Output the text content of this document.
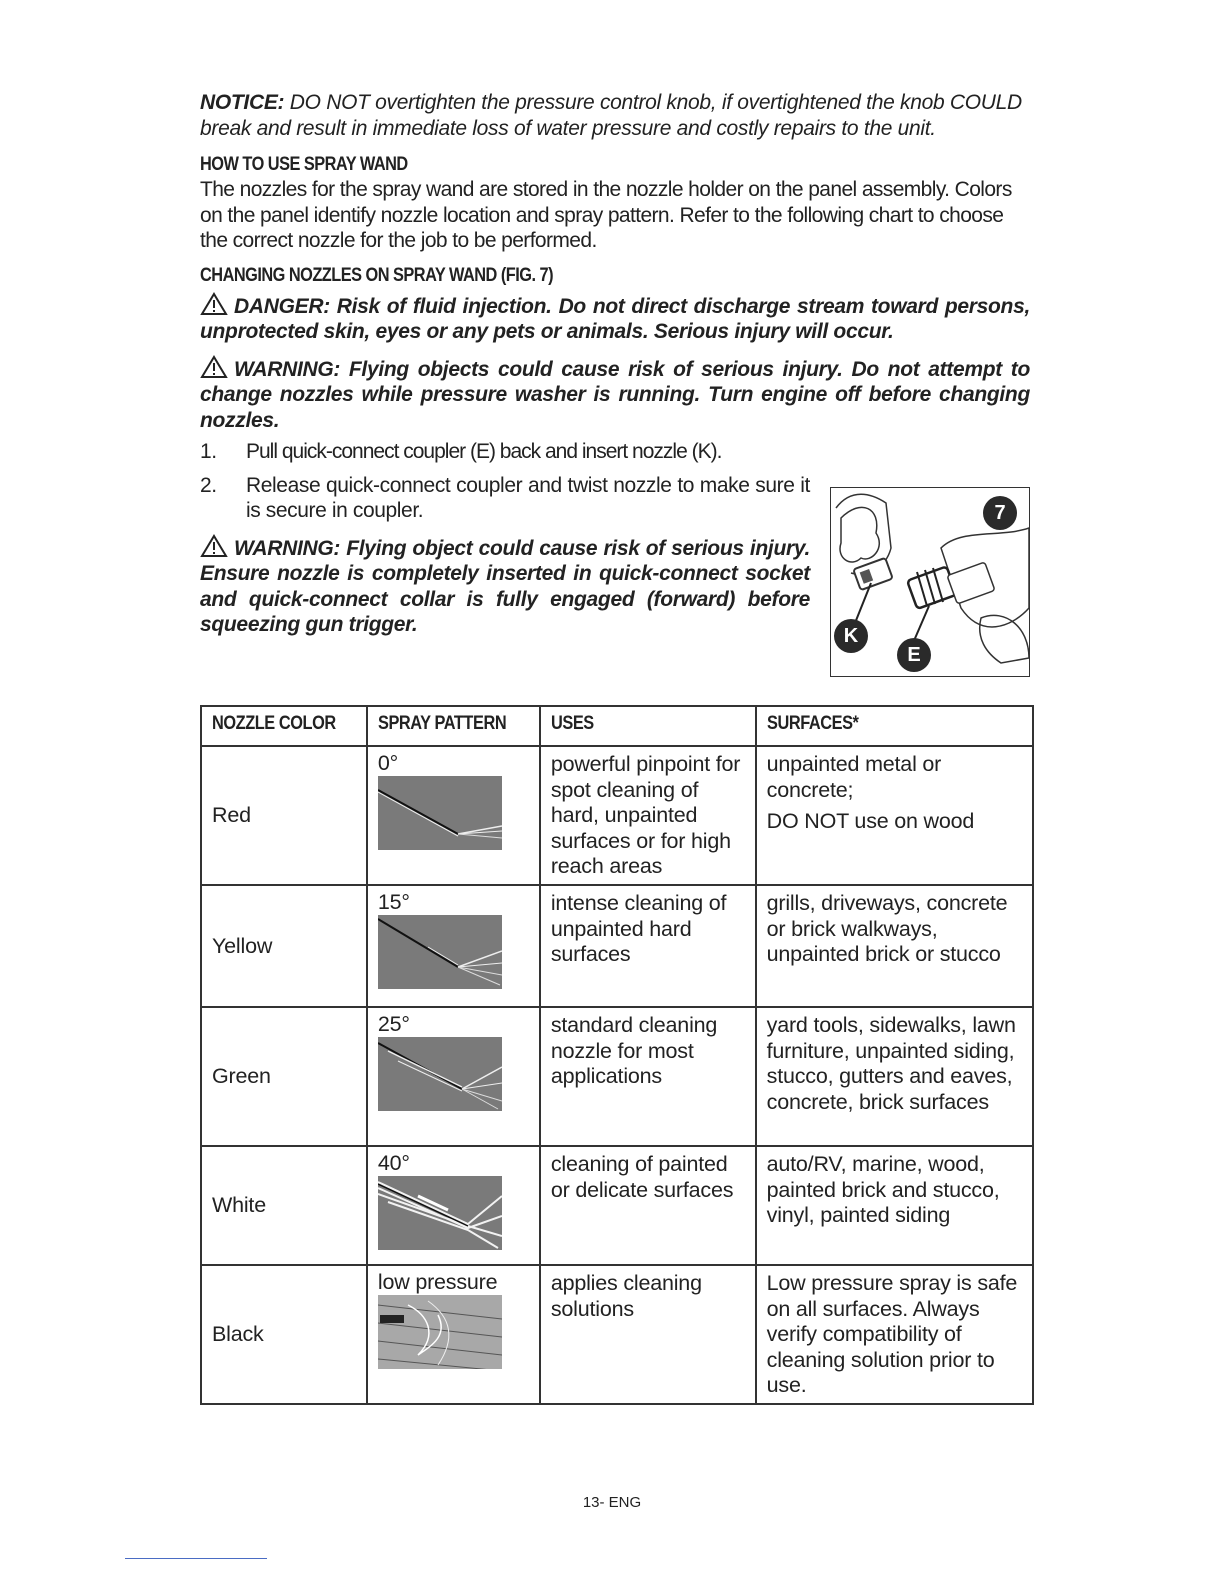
NOTICE: DO NOT overtighten the pressure control knob, if overtightened the knob COULD break and result in immediate loss of water pressure and costly repairs to the unit.

HOW TO USE SPRAY WAND

The nozzles for the spray wand are stored in the nozzle holder on the panel assembly. Colors on the panel identify nozzle location and spray pattern. Refer to the following chart to choose the correct nozzle for the job to be performed.

CHANGING NOZZLES ON SPRAY WAND (FIG. 7)

DANGER: Risk of fluid injection. Do not direct discharge stream toward persons, unprotected skin, eyes or any pets or animals. Serious injury will occur.

WARNING: Flying objects could cause risk of serious injury. Do not attempt to change nozzles while pressure washer is running. Turn engine off before changing nozzles.

1.	Pull quick-connect coupler (E) back and insert nozzle (K).
2.	Release quick-connect coupler and twist nozzle to make sure it is secure in coupler.

WARNING: Flying object could cause risk of serious injury. Ensure nozzle is completely inserted in quick-connect socket and quick-connect collar is fully engaged (forward) before squeezing gun trigger.

7
K
E
NOZZLE COLOR	SPRAY PATTERN	USES	SURFACES*
Red	0°	powerful pinpoint for spot cleaning of hard, unpainted surfaces or for high reach areas	unpainted metal or concrete;
DO NOT use on wood

Yellow	15°	intense cleaning of unpainted hard surfaces	grills, driveways, concrete or brick walkways, unpainted brick or stucco
Green	25°	standard cleaning nozzle for most applications	yard tools, sidewalks, lawn furniture, unpainted siding, stucco, gutters and eaves, concrete, brick surfaces
White	40°	cleaning of painted or delicate surfaces	auto/RV, marine, wood, painted brick and stucco, vinyl, painted siding
Black	low pressure	applies cleaning solutions	Low pressure spray is safe on all surfaces. Always verify compatibility of cleaning solution prior to use.
13- ENG
